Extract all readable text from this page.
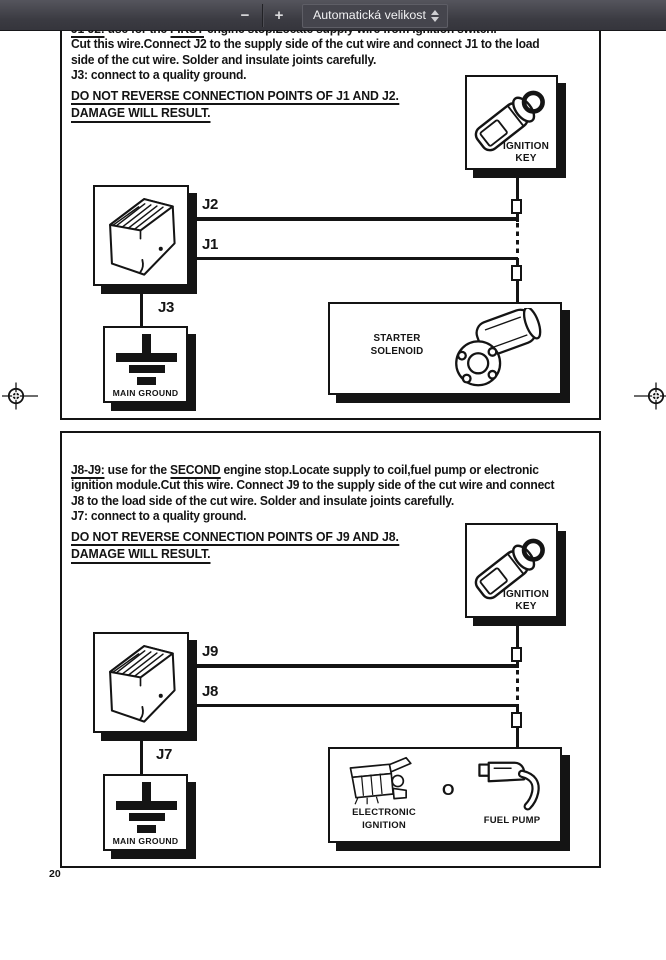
Cut this wire.Connect J2 to the supply side of the cut wire and connect J1 to the load
side of the cut wire. Solder and insulate joints carefully.
J3: connect to a quality ground.
DO NOT REVERSE CONNECTION POINTS OF J1 AND J2.
DAMAGE WILL RESULT.
J2
J1
J3
IGNITION
KEY
MAIN GROUND
STARTER
SOLENOID
J8-J9: use for the SECOND engine stop.Locate supply to coil,fuel pump or electronic
ignition module.Cut this wire. Connect J9 to the supply side of the cut wire and connect
J8 to the load side of the cut wire. Solder and insulate joints carefully.
J7: connect to a quality ground.
DO NOT REVERSE CONNECTION POINTS OF J9 AND J8.
DAMAGE WILL RESULT.
J9
J8
J7
IGNITION
KEY
MAIN GROUND
ELECTRONIC
IGNITION
O
FUEL PUMP
20
−	+	Automatická velikost
